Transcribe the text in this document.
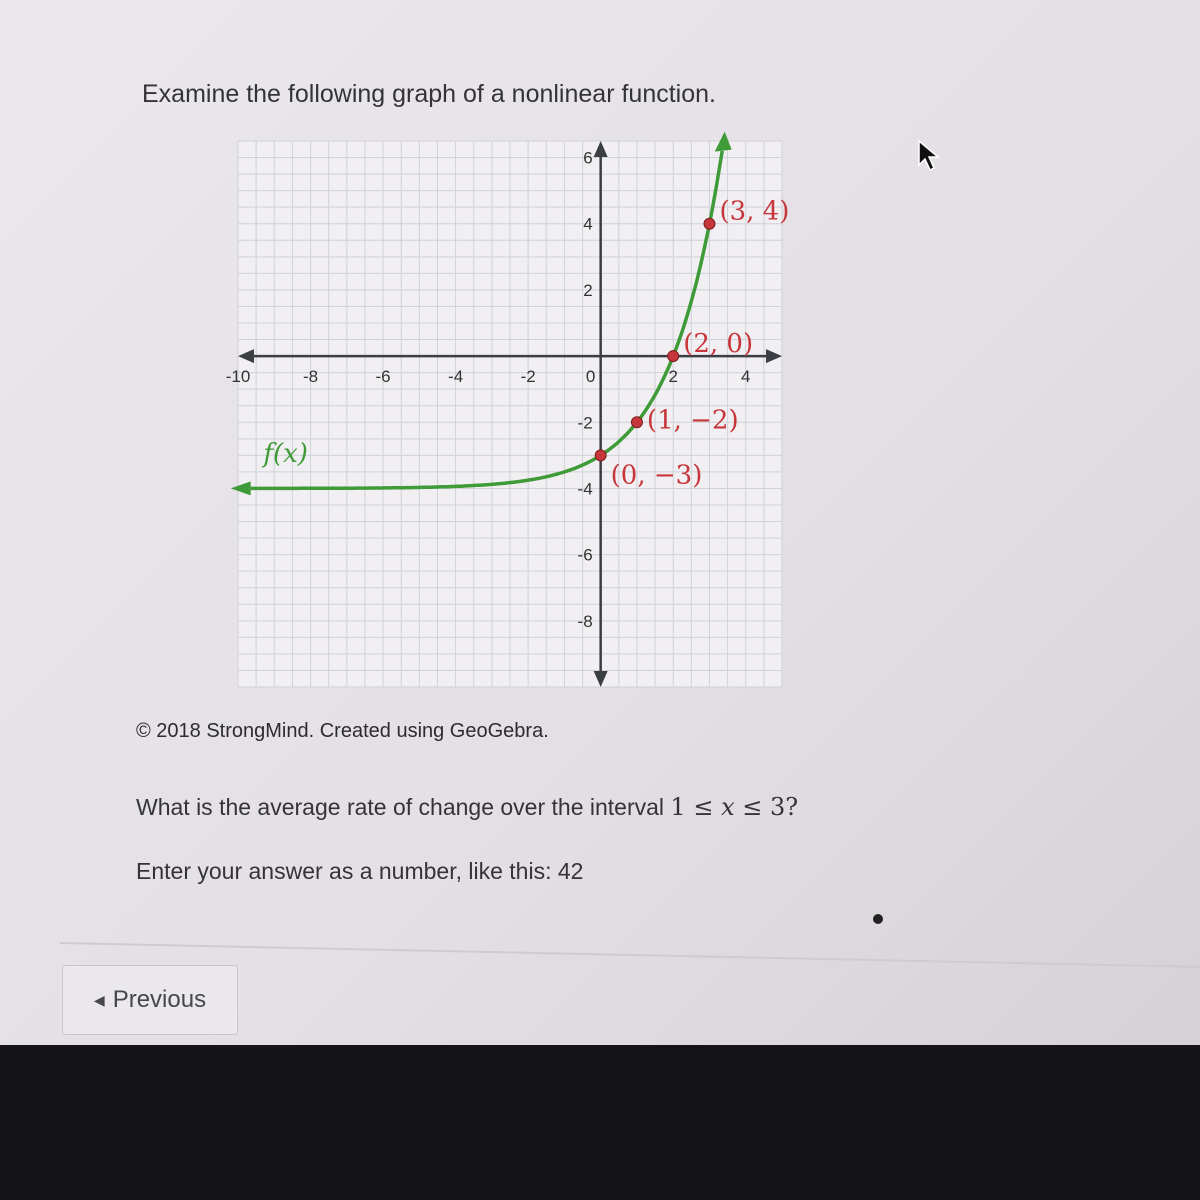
Examine the following graph of a nonlinear function.
-10	-8	-6	-4	-2	0	2	4
6
4
2
-2
-4
-6
-8
f(x)
(0, −3)
(1, −2)
(2, 0)
(3, 4)
© 2018 StrongMind. Created using GeoGebra.
What is the average rate of change over the interval 1 ≤ x ≤ 3?
Enter your answer as a number, like this: 42
◀ Previous
